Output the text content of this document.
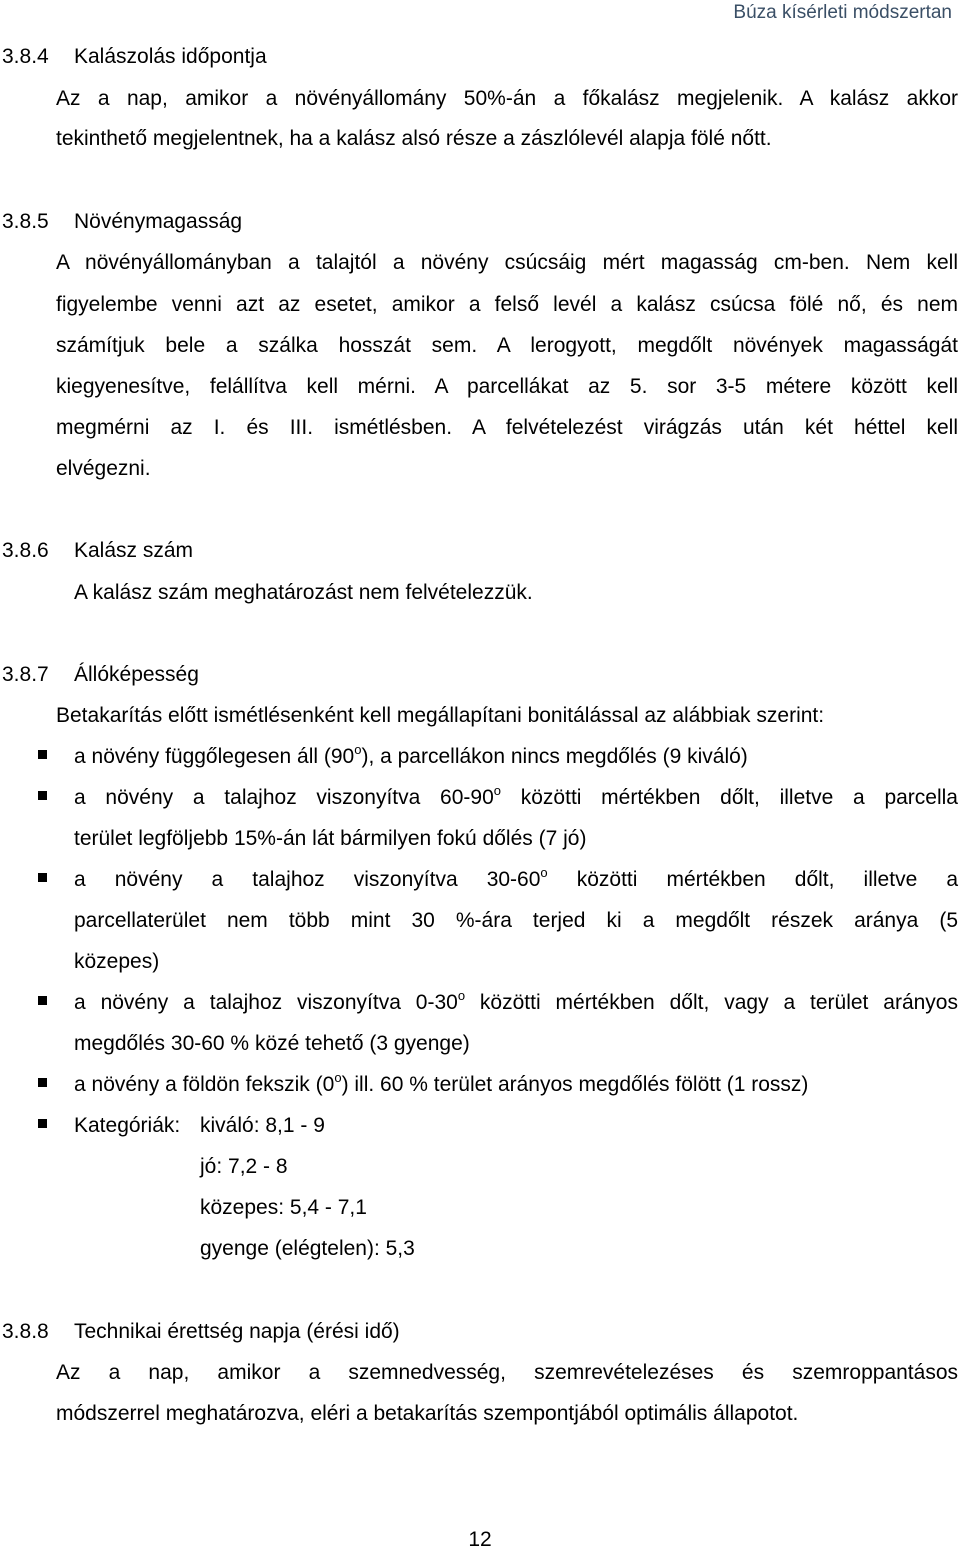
Búza kísérleti módszertan
3.8.4 Kalászolás időpontja
Az a nap, amikor a növényállomány 50%-án a főkalász megjelenik. A kalász akkor
tekinthető megjelentnek, ha a kalász alsó része a zászlólevél alapja fölé nőtt.
3.8.5 Növénymagasság
A növényállományban a talajtól a növény csúcsáig mért magasság cm-ben. Nem kell
figyelembe venni azt az esetet, amikor a felső levél a kalász csúcsa fölé nő, és nem
számítjuk bele a szálka hosszát sem. A lerogyott, megdőlt növények magasságát
kiegyenesítve, felállítva kell mérni. A parcellákat az 5. sor 3-5 métere között kell
megmérni az I. és III. ismétlésben. A felvételezést virágzás után két héttel kell
elvégezni.
3.8.6 Kalász szám
A kalász szám meghatározást nem felvételezzük.
3.8.7 Állóképesség
Betakarítás előtt ismétlésenként kell megállapítani bonitálással az alábbiak szerint:
a növény függőlegesen áll (90$^o$), a parcellákon nincs megdőlés (9 kiváló)
a növény a talajhoz viszonyítva 60-90$^o$ közötti mértékben dőlt, illetve a parcella
terület legföljebb 15%-án lát bármilyen fokú dőlés (7 jó)
a növény a talajhoz viszonyítva 30-60$^o$ közötti mértékben dőlt, illetve a
parcellaterület nem több mint 30 %-ára terjed ki a megdőlt részek aránya (5
közepes)
a növény a talajhoz viszonyítva 0-30$^o$ közötti mértékben dőlt, vagy a terület arányos
megdőlés 30-60 % közé tehető (3 gyenge)
a növény a földön fekszik (0$^o$) ill. 60 % terület arányos megdőlés fölött (1 rossz)
Kategóriák: kiváló: 8,1 - 9
jó: 7,2 - 8
közepes: 5,4 - 7,1
gyenge (elégtelen): 5,3
3.8.8 Technikai érettség napja (érési idő)
Az a nap, amikor a szemnedvesség, szemrevételezéses és szemroppantásos
módszerrel meghatározva, eléri a betakarítás szempontjából optimális állapotot.
12
